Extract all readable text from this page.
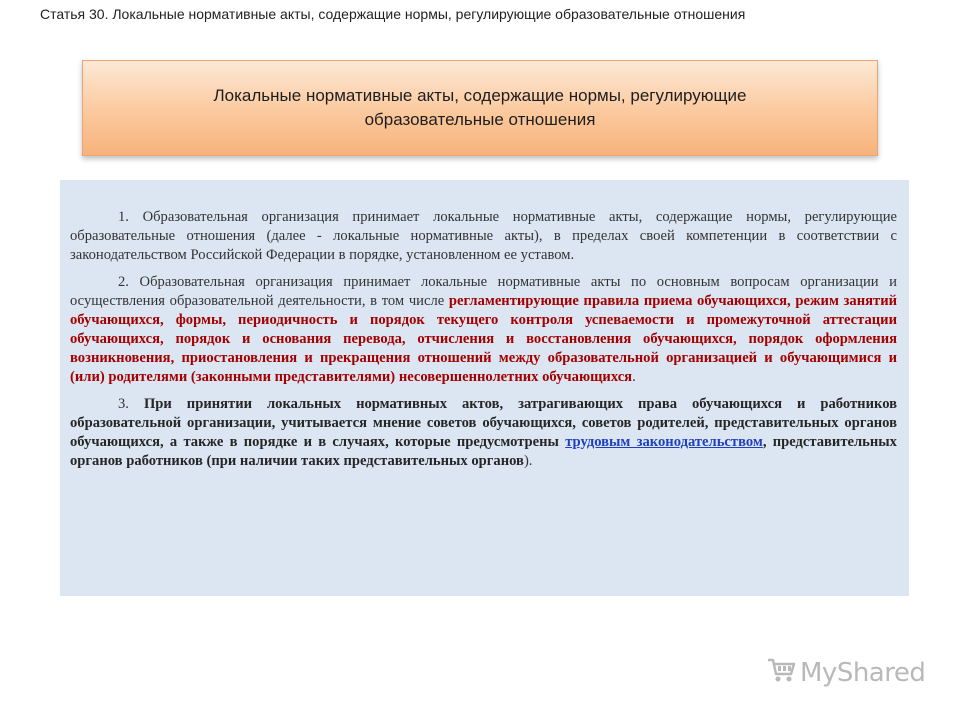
Статья 30. Локальные нормативные акты, содержащие нормы, регулирующие образовательные отношения
Локальные нормативные акты, содержащие нормы, регулирующие
образовательные отношения

1. Образовательная организация принимает локальные нормативные акты, содержащие нормы, регулирующие образовательные отношения (далее - локальные нормативные акты), в пределах своей компетенции в соответствии с законодательством Российской Федерации в порядке, установленном ее уставом.

2. Образовательная организация принимает локальные нормативные акты по основным вопросам организации и осуществления образовательной деятельности, в том числе регламентирующие правила приема обучающихся, режим занятий обучающихся, формы, периодичность и порядок текущего контроля успеваемости и промежуточной аттестации обучающихся, порядок и основания перевода, отчисления и восстановления обучающихся, порядок оформления возникновения, приостановления и прекращения отношений между образовательной организацией и обучающимися и (или) родителями (законными представителями) несовершеннолетних обучающихся.

3. При принятии локальных нормативных актов, затрагивающих права обучающихся и работников образовательной организации, учитывается мнение советов обучающихся, советов родителей, представительных органов обучающихся, а также в порядке и в случаях, которые предусмотрены трудовым законодательством, представительных органов работников (при наличии таких представительных органов).

MyShared
